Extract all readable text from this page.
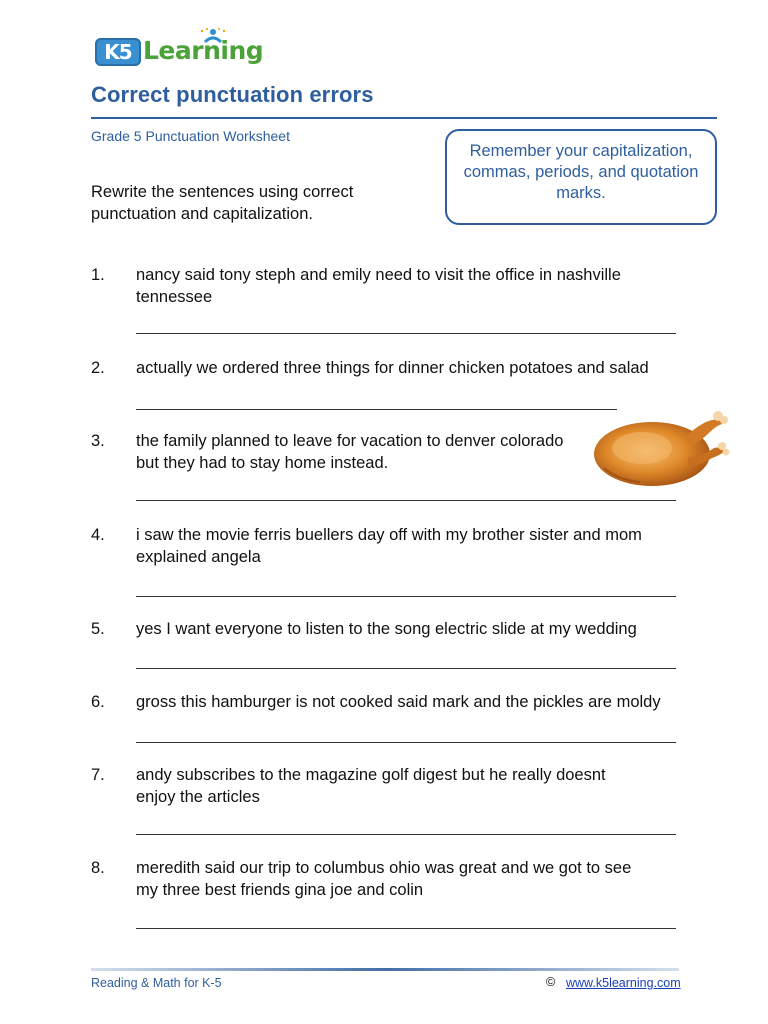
K5 Learning
Correct punctuation errors
Grade 5 Punctuation Worksheet
Rewrite the sentences using correct punctuation and capitalization.
Remember your capitalization, commas, periods, and quotation marks.
1.	nancy said tony steph and emily need to visit the office in nashville
tennessee
2.	actually we ordered three things for dinner chicken potatoes and salad
3.	the family planned to leave for vacation to denver colorado
but they had to stay home instead.
4.	i saw the movie ferris buellers day off with my brother sister and mom
explained angela
5.	yes I want everyone to listen to the song electric slide at my wedding
6.	gross this hamburger is not cooked said mark and the pickles are moldy
7.	andy subscribes to the magazine golf digest but he really doesnt
enjoy the articles
8.	meredith said our trip to columbus ohio was great and we got to see
my three best friends gina joe and colin
Reading & Math for K-5	© www.k5learning.com
